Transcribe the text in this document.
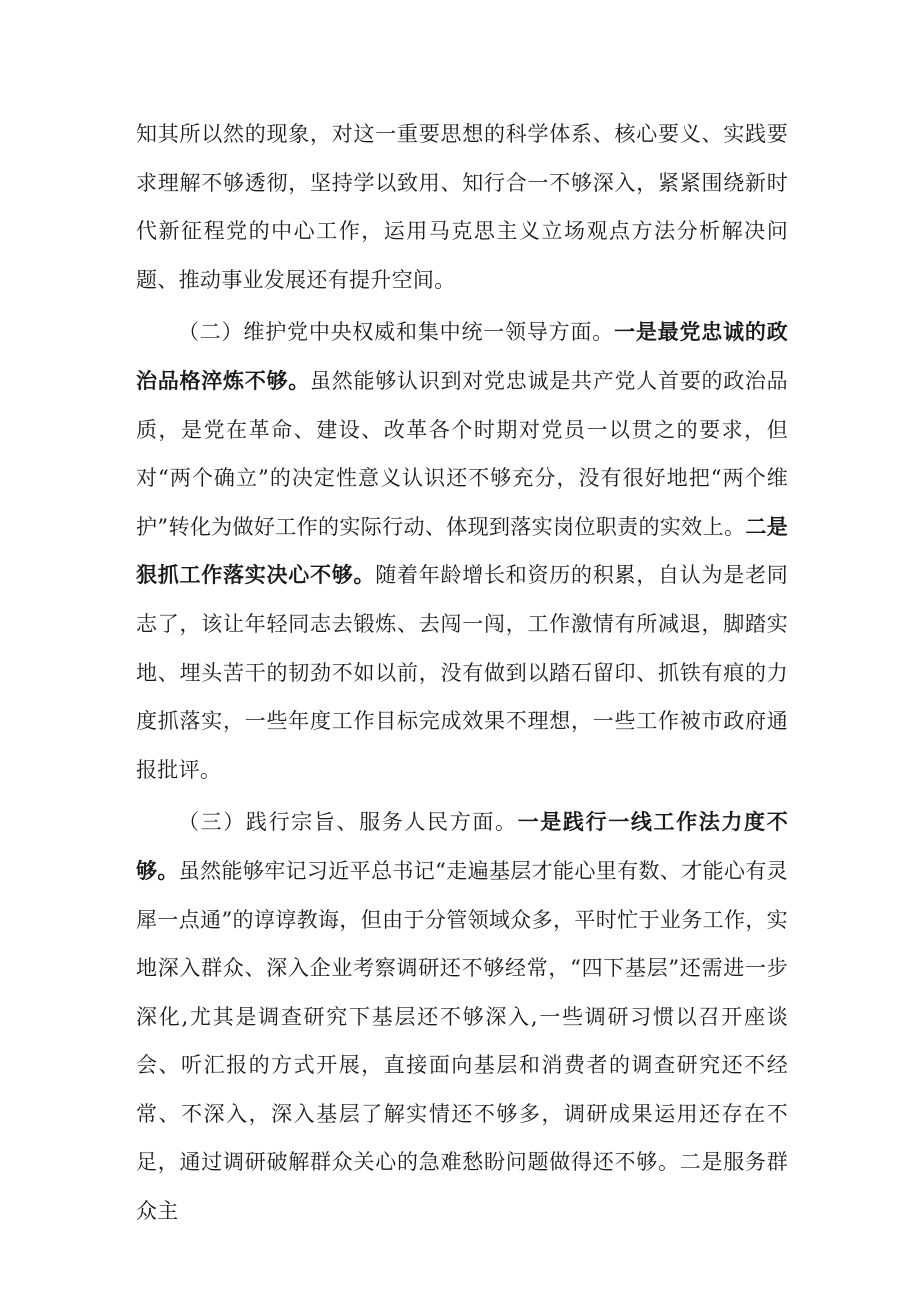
知其所以然的现象，对这一重要思想的科学体系、核心要义、实践要求理解不够透彻，坚持学以致用、知行合一不够深入，紧紧围绕新时代新征程党的中心工作，运用马克思主义立场观点方法分析解决问题、推动事业发展还有提升空间。

（二）维护党中央权威和集中统一领导方面。一是最党忠诚的政治品格淬炼不够。虽然能够认识到对党忠诚是共产党人首要的政治品质，是党在革命、建设、改革各个时期对党员一以贯之的要求，但对“两个确立”的决定性意义认识还不够充分，没有很好地把“两个维护”转化为做好工作的实际行动、体现到落实岗位职责的实效上。二是狠抓工作落实决心不够。随着年龄增长和资历的积累，自认为是老同志了，该让年轻同志去锻炼、去闯一闯，工作激情有所减退，脚踏实地、埋头苦干的韧劲不如以前，没有做到以踏石留印、抓铁有痕的力度抓落实，一些年度工作目标完成效果不理想，一些工作被市政府通报批评。

（三）践行宗旨、服务人民方面。一是践行一线工作法力度不够。虽然能够牢记习近平总书记“走遍基层才能心里有数、才能心有灵犀一点通”的谆谆教诲，但由于分管领域众多，平时忙于业务工作，实地深入群众、深入企业考察调研还不够经常，“四下基层”还需进一步深化,尤其是调查研究下基层还不够深入,一些调研习惯以召开座谈会、听汇报的方式开展，直接面向基层和消费者的调查研究还不经常、不深入，深入基层了解实情还不够多，调研成果运用还存在不足，通过调研破解群众关心的急难愁盼问题做得还不够。二是服务群众主
